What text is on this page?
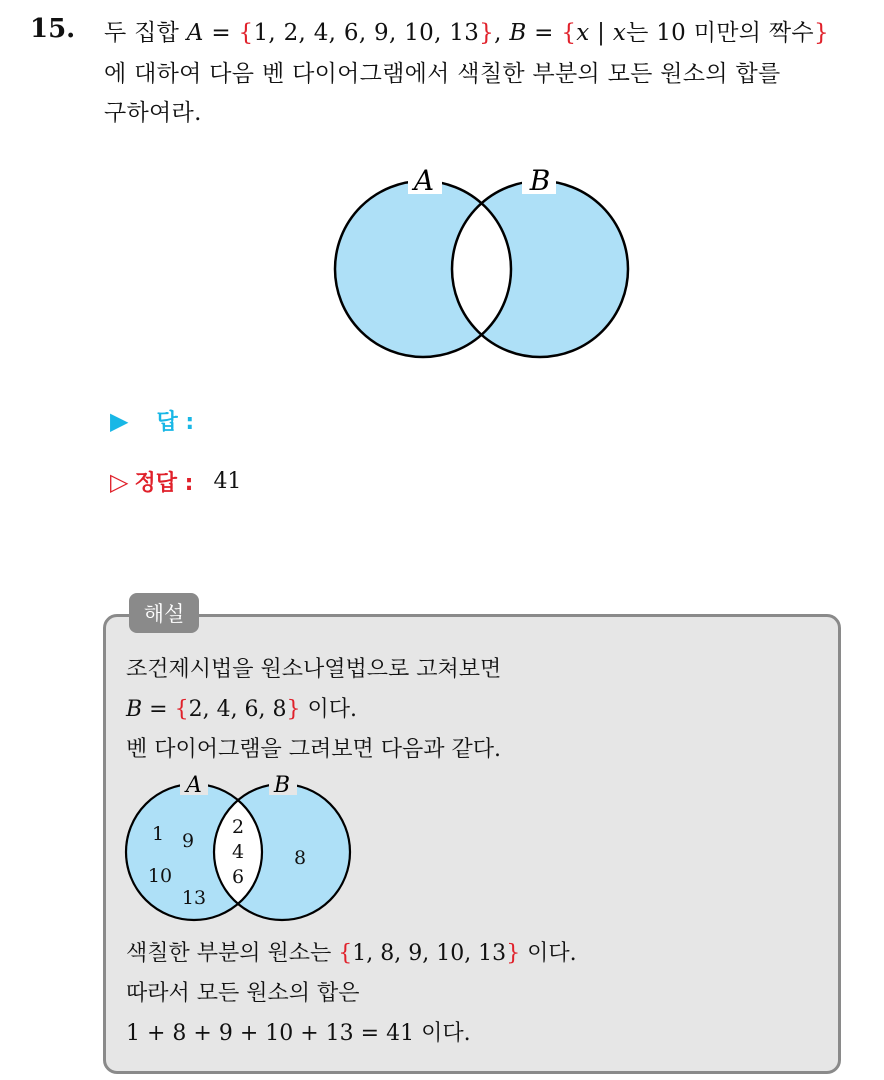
15. 두 집합 A = {1, 2, 4, 6, 9, 10, 13}, B = {x | x는 10 미만의 짝수}
에 대하여 다음 벤 다이어그램에서 색칠한 부분의 모든 원소의 합를
구하여라.
A	B
▶ 답 :
▷ 정답 : 41
해설
조건제시법을 원소나열법으로 고쳐보면
B = {2, 4, 6, 8} 이다.
벤 다이어그램을 그려보면 다음과 같다.
A	B
1 9
10
13
2
4
6
8
색칠한 부분의 원소는 {1, 8, 9, 10, 13} 이다.
따라서 모든 원소의 합은
1 + 8 + 9 + 10 + 13 = 41 이다.
